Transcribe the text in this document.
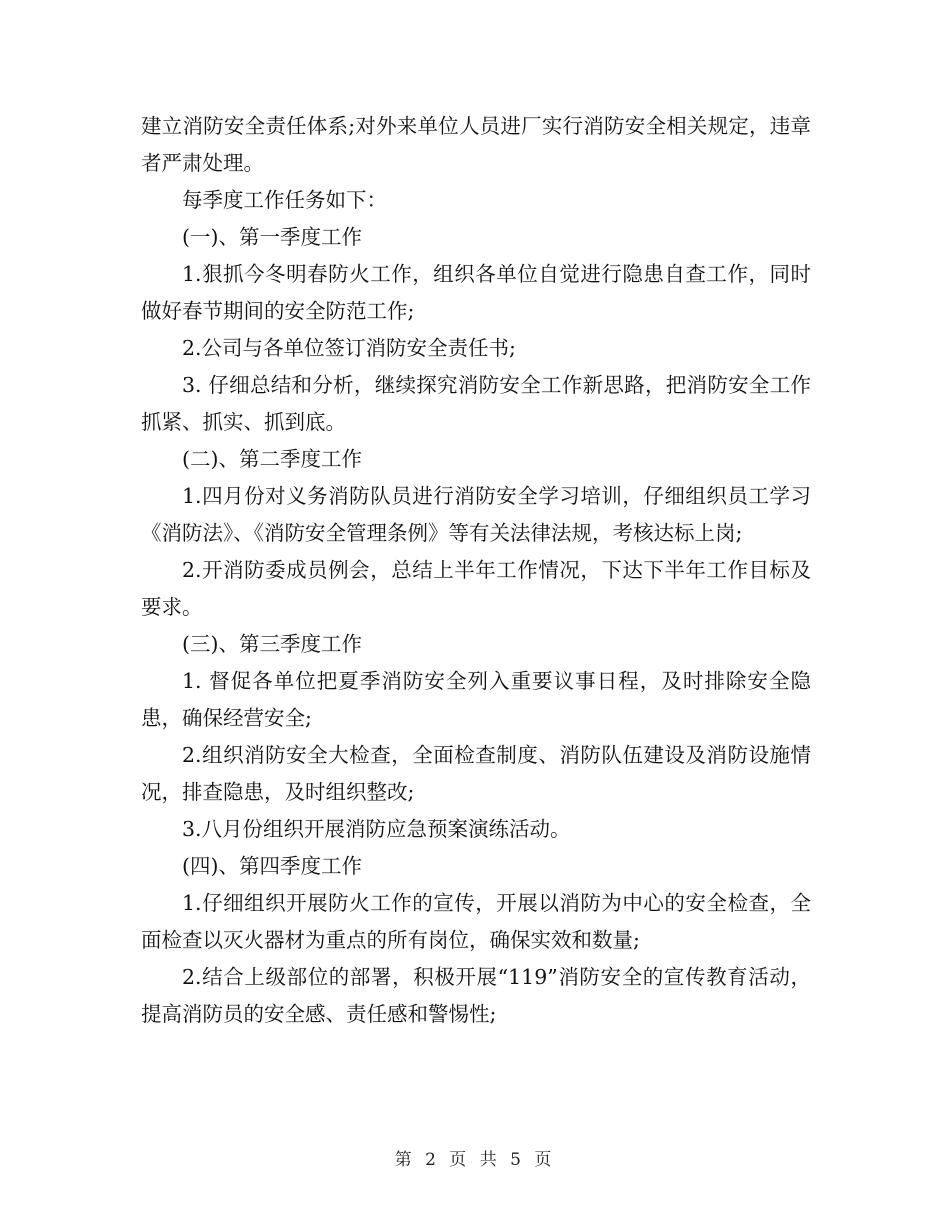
建立消防安全责任体系;对外来单位人员进厂实行消防安全相关规定，违章者严肃处理。

每季度工作任务如下：

(一)、第一季度工作

1.狠抓今冬明春防火工作，组织各单位自觉进行隐患自查工作，同时做好春节期间的安全防范工作;

2.公司与各单位签订消防安全责任书;

3. 仔细总结和分析，继续探究消防安全工作新思路，把消防安全工作抓紧、抓实、抓到底。

(二)、第二季度工作

1.四月份对义务消防队员进行消防安全学习培训，仔细组织员工学习《消防法》、《消防安全管理条例》等有关法律法规，考核达标上岗;

2.开消防委成员例会，总结上半年工作情况，下达下半年工作目标及要求。

(三)、第三季度工作

1. 督促各单位把夏季消防安全列入重要议事日程，及时排除安全隐患，确保经营安全;

2.组织消防安全大检查，全面检查制度、消防队伍建设及消防设施情况，排查隐患，及时组织整改;

3.八月份组织开展消防应急预案演练活动。

(四)、第四季度工作

1.仔细组织开展防火工作的宣传，开展以消防为中心的安全检查，全面检查以灭火器材为重点的所有岗位，确保实效和数量;

2.结合上级部位的部署，积极开展“119”消防安全的宣传教育活动，提高消防员的安全感、责任感和警惕性;

第 2 页 共 5 页
